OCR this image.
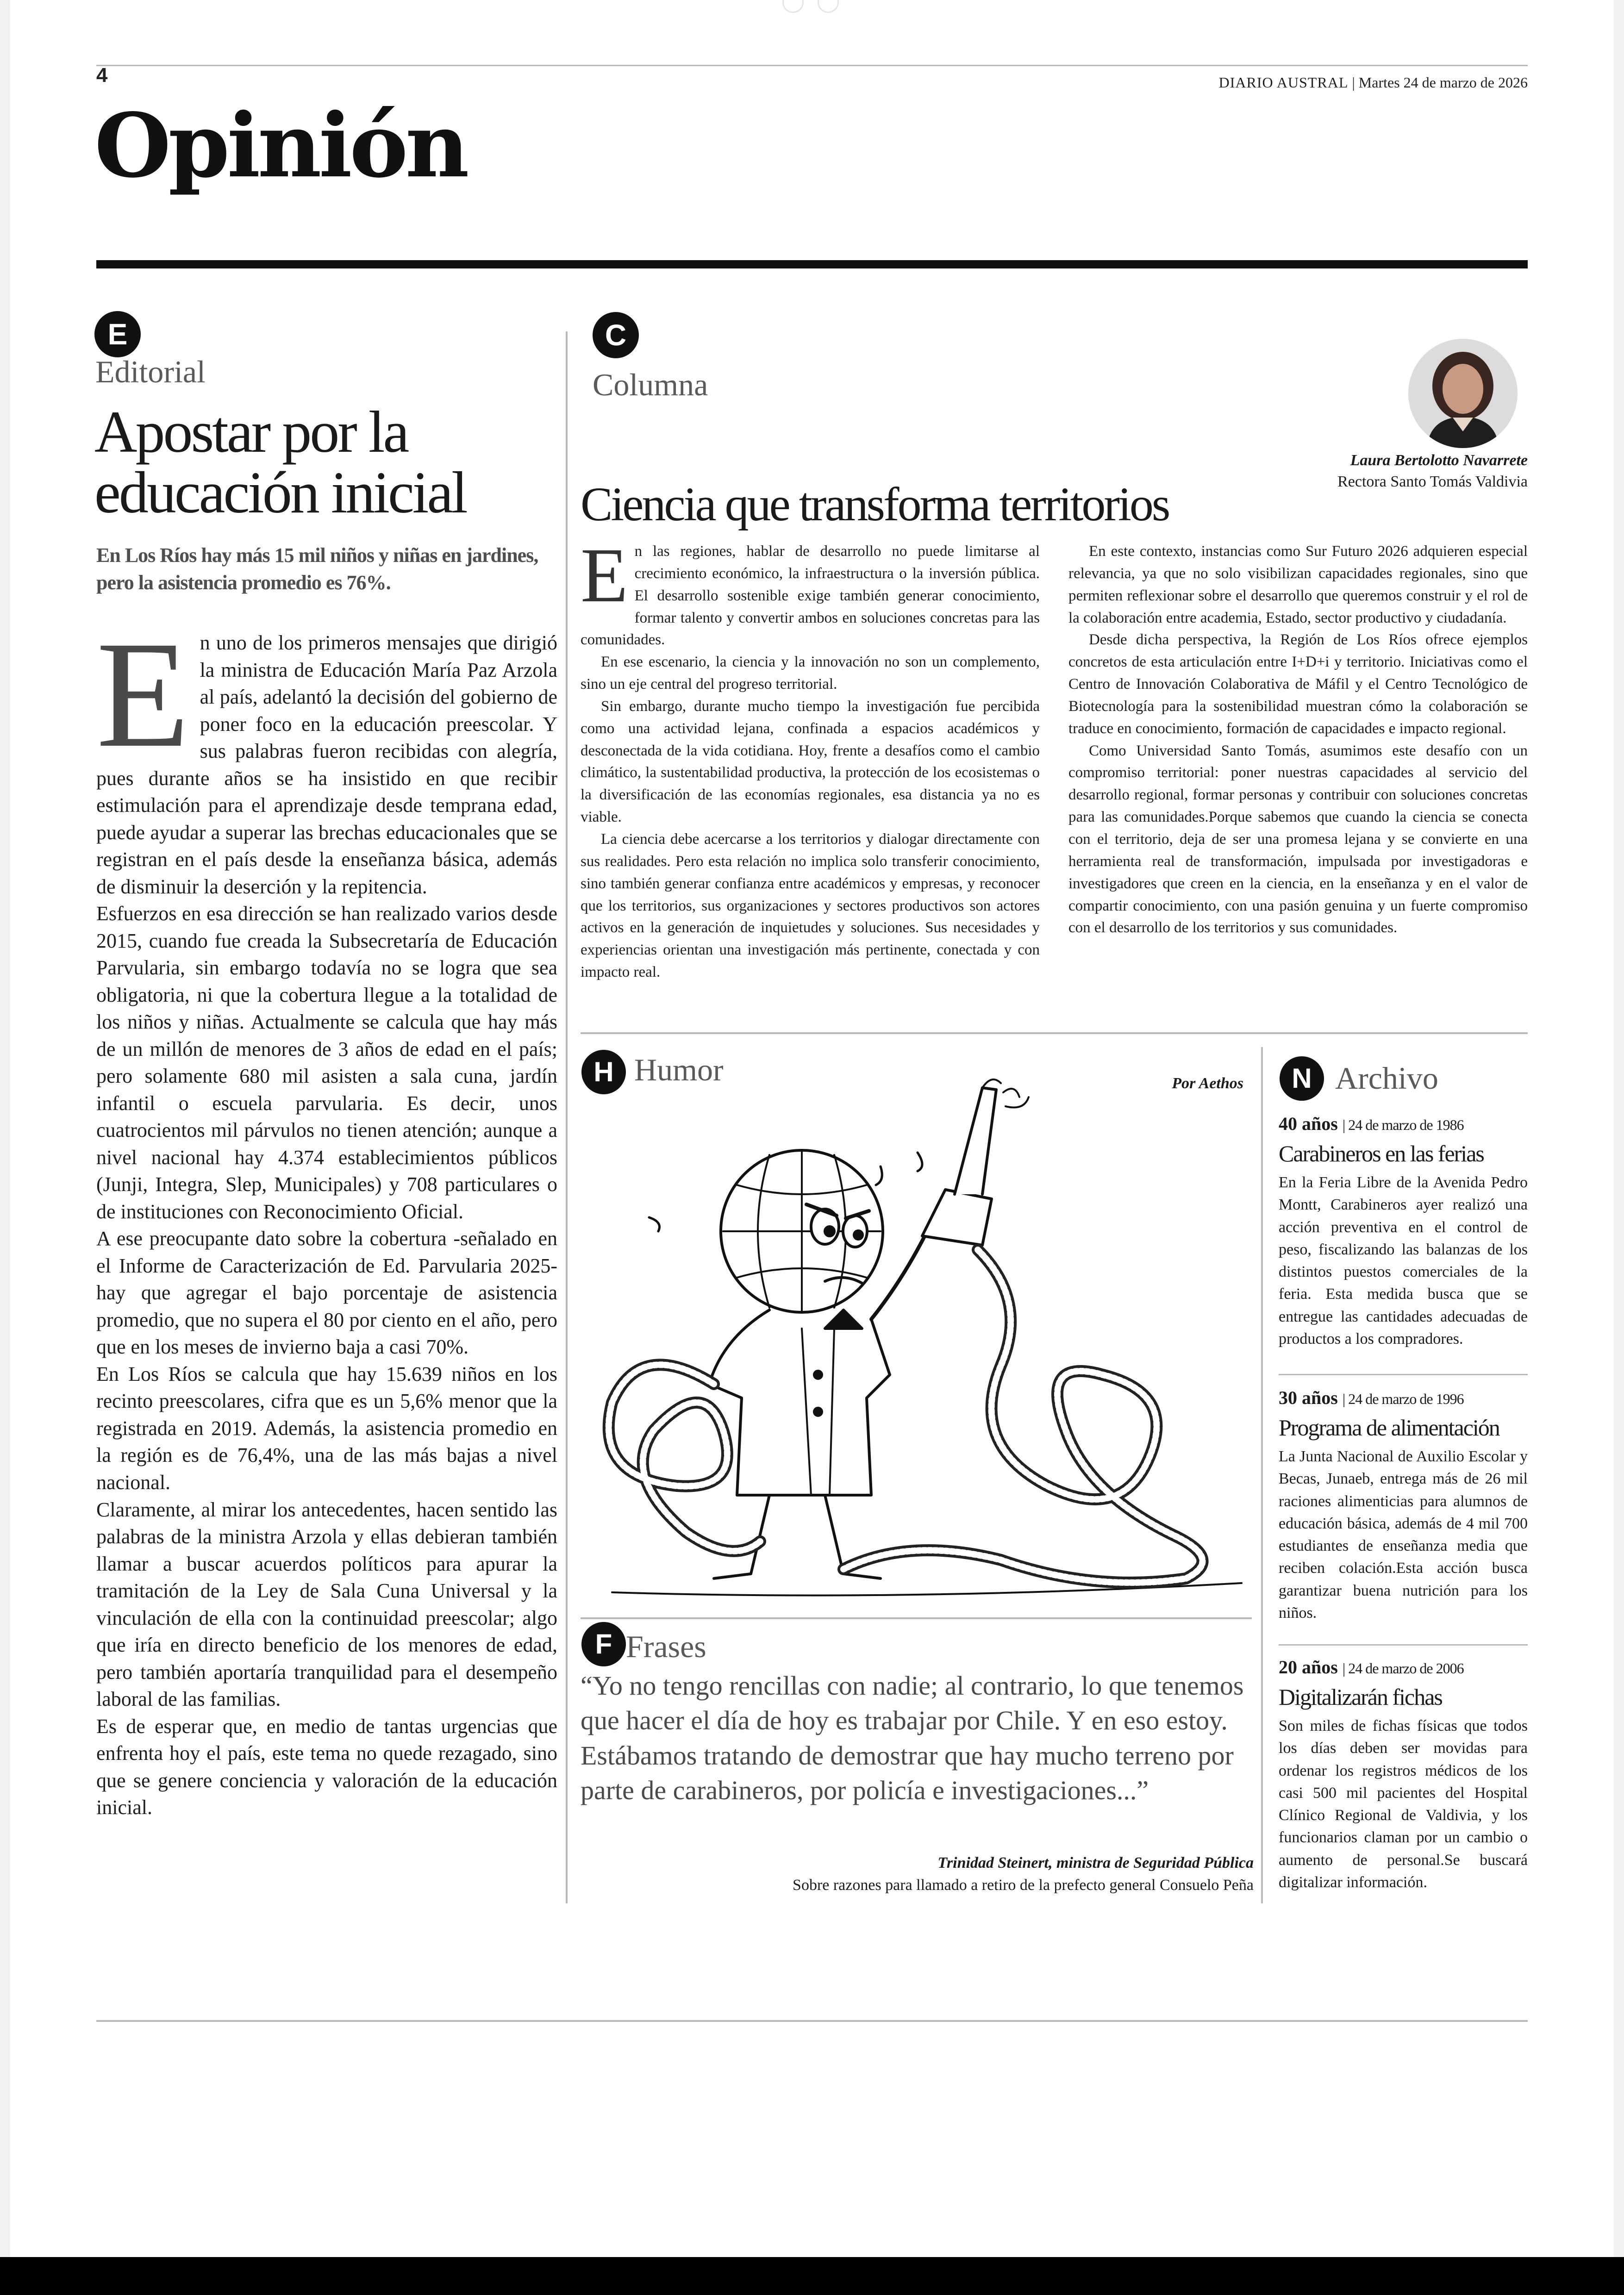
4	DIARIO AUSTRAL | Martes 24 de marzo de 2026
Opinión
E
Editorial
Apostar por la educación inicial
En Los Ríos hay más 15 mil niños y niñas en jardines, pero la asistencia promedio es 76%.

En uno de los primeros mensajes que dirigió la ministra de Educación María Paz Arzola al país, adelantó la decisión del gobierno de poner foco en la educación preescolar. Y sus palabras fueron recibidas con alegría, pues durante años se ha insistido en que recibir estimulación para el aprendizaje desde temprana edad, puede ayudar a superar las brechas educacionales que se registran en el país desde la enseñanza básica, además de disminuir la deserción y la repitencia.

Esfuerzos en esa dirección se han realizado varios desde 2015, cuando fue creada la Subsecretaría de Educación Parvularia, sin embargo todavía no se logra que sea obligatoria, ni que la cobertura llegue a la totalidad de los niños y niñas. Actualmente se calcula que hay más de un millón de menores de 3 años de edad en el país; pero solamente 680 mil asisten a sala cuna, jardín infantil o escuela parvularia. Es decir, unos cuatrocientos mil párvulos no tienen atención; aunque a nivel nacional hay 4.374 establecimientos públicos (Junji, Integra, Slep, Municipales) y 708 particulares o de instituciones con Reconocimiento Oficial.

A ese preocupante dato sobre la cobertura -señalado en el Informe de Caracterización de Ed. Parvularia 2025- hay que agregar el bajo porcentaje de asistencia promedio, que no supera el 80 por ciento en el año, pero que en los meses de invierno baja a casi 70%.

En Los Ríos se calcula que hay 15.639 niños en los recinto preescolares, cifra que es un 5,6% menor que la registrada en 2019. Además, la asistencia promedio en la región es de 76,4%, una de las más bajas a nivel nacional.

Claramente, al mirar los antecedentes, hacen sentido las palabras de la ministra Arzola y ellas debieran también llamar a buscar acuerdos políticos para apurar la tramitación de la Ley de Sala Cuna Universal y la vinculación de ella con la continuidad preescolar; algo que iría en directo beneficio de los menores de edad, pero también aportaría tranquilidad para el desempeño laboral de las familias.

Es de esperar que, en medio de tantas urgencias que enfrenta hoy el país, este tema no quede rezagado, sino que se genere conciencia y valoración de la educación inicial.

C
Columna
Laura Bertolotto Navarrete
Rectora Santo Tomás Valdivia
Ciencia que transforma territorios

En las regiones, hablar de desarrollo no puede limitarse al crecimiento económico, la infraestructura o la inversión pública. El desarrollo sostenible exige también generar conocimiento, formar talento y convertir ambos en soluciones concretas para las comunidades.

En ese escenario, la ciencia y la innovación no son un complemento, sino un eje central del progreso territorial.

Sin embargo, durante mucho tiempo la investigación fue percibida como una actividad lejana, confinada a espacios académicos y desconectada de la vida cotidiana. Hoy, frente a desafíos como el cambio climático, la sustentabilidad productiva, la protección de los ecosistemas o la diversificación de las economías regionales, esa distancia ya no es viable.

La ciencia debe acercarse a los territorios y dialogar directamente con sus realidades. Pero esta relación no implica solo transferir conocimiento, sino también generar confianza entre académicos y empresas, y reconocer que los territorios, sus organizaciones y sectores productivos son actores activos en la generación de inquietudes y soluciones. Sus necesidades y experiencias orientan una investigación más pertinente, conectada y con impacto real.

En este contexto, instancias como Sur Futuro 2026 adquieren especial relevancia, ya que no solo visibilizan capacidades regionales, sino que permiten reflexionar sobre el desarrollo que queremos construir y el rol de la colaboración entre academia, Estado, sector productivo y ciudadanía.

Desde dicha perspectiva, la Región de Los Ríos ofrece ejemplos concretos de esta articulación entre I+D+i y territorio. Iniciativas como el Centro de Innovación Colaborativa de Máfil y el Centro Tecnológico de Biotecnología para la sostenibilidad muestran cómo la colaboración se traduce en conocimiento, formación de capacidades e impacto regional.

Como Universidad Santo Tomás, asumimos este desafío con un compromiso territorial: poner nuestras capacidades al servicio del desarrollo regional, formar personas y contribuir con soluciones concretas para las comunidades.Porque sabemos que cuando la ciencia se conecta con el territorio, deja de ser una promesa lejana y se convierte en una herramienta real de transformación, impulsada por investigadoras e investigadores que creen en la ciencia, en la enseñanza y en el valor de compartir conocimiento, con una pasión genuina y un fuerte compromiso con el desarrollo de los territorios y sus comunidades.

H Humor	Por Aethos
F Frases
“Yo no tengo rencillas con nadie; al contrario, lo que tenemos que hacer el día de hoy es trabajar por Chile. Y en eso estoy. Estábamos tratando de demostrar que hay mucho terreno por parte de carabineros, por policía e investigaciones...”
Trinidad Steinert, ministra de Seguridad Pública
Sobre razones para llamado a retiro de la prefecto general Consuelo Peña
N Archivo
40 años | 24 de marzo de 1986
Carabineros en las ferias
En la Feria Libre de la Avenida Pedro Montt, Carabineros ayer realizó una acción preventiva en el control de peso, fiscalizando las balanzas de los distintos puestos comerciales de la feria. Esta medida busca que se entregue las cantidades adecuadas de productos a los compradores.
30 años | 24 de marzo de 1996
Programa de alimentación
La Junta Nacional de Auxilio Escolar y Becas, Junaeb, entrega más de 26 mil raciones alimenticias para alumnos de educación básica, además de 4 mil 700 estudiantes de enseñanza media que reciben colación.Esta acción busca garantizar buena nutrición para los niños.
20 años | 24 de marzo de 2006
Digitalizarán fichas
Son miles de fichas físicas que todos los días deben ser movidas para ordenar los registros médicos de los casi 500 mil pacientes del Hospital Clínico Regional de Valdivia, y los funcionarios claman por un cambio o aumento de personal.Se buscará digitalizar información.
